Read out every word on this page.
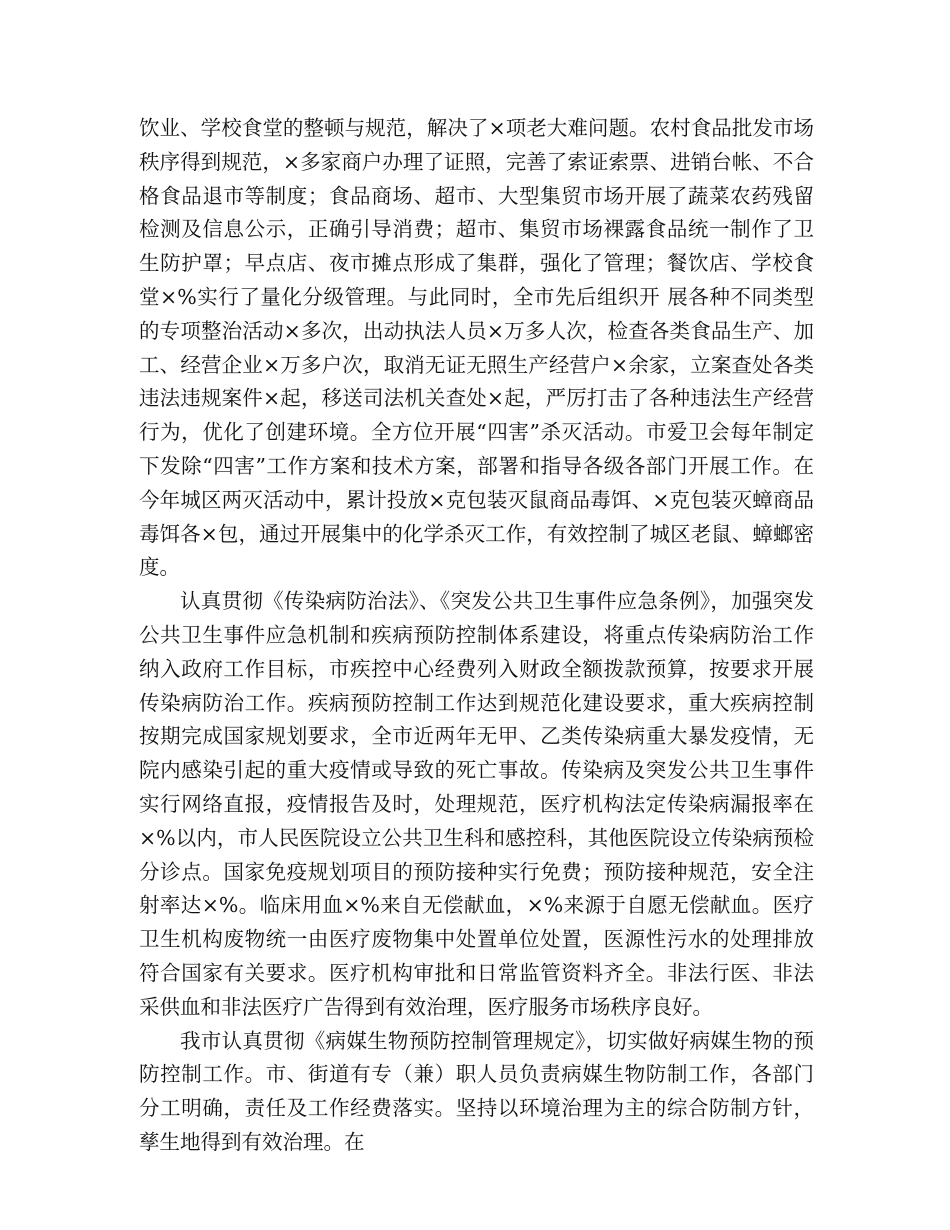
饮业、学校食堂的整顿与规范，解决了×项老大难问题。农村食品批发市场秩序得到规范，×多家商户办理了证照，完善了索证索票、进销台帐、不合格食品退市等制度；食品商场、超市、大型集贸市场开展了蔬菜农药残留检测及信息公示，正确引导消费；超市、集贸市场裸露食品统一制作了卫生防护罩；早点店、夜市摊点形成了集群，强化了管理；餐饮店、学校食堂×%实行了量化分级管理。与此同时，全市先后组织开 展各种不同类型的专项整治活动×多次，出动执法人员×万多人次，检查各类食品生产、加工、经营企业×万多户次，取消无证无照生产经营户×余家，立案查处各类违法违规案件×起，移送司法机关查处×起，严厉打击了各种违法生产经营行为，优化了创建环境。全方位开展“四害”杀灭活动。市爱卫会每年制定下发除“四害”工作方案和技术方案，部署和指导各级各部门开展工作。在今年城区两灭活动中，累计投放×克包装灭鼠商品毒饵、×克包装灭蟑商品毒饵各×包，通过开展集中的化学杀灭工作，有效控制了城区老鼠、蟑螂密度。

认真贯彻《传染病防治法》、《突发公共卫生事件应急条例》，加强突发公共卫生事件应急机制和疾病预防控制体系建设，将重点传染病防治工作纳入政府工作目标，市疾控中心经费列入财政全额拨款预算，按要求开展传染病防治工作。疾病预防控制工作达到规范化建设要求，重大疾病控制按期完成国家规划要求，全市近两年无甲、乙类传染病重大暴发疫情，无院内感染引起的重大疫情或导致的死亡事故。传染病及突发公共卫生事件实行网络直报，疫情报告及时，处理规范，医疗机构法定传染病漏报率在×%以内，市人民医院设立公共卫生科和感控科，其他医院设立传染病预检分诊点。国家免疫规划项目的预防接种实行免费；预防接种规范，安全注射率达×%。临床用血×%来自无偿献血，×%来源于自愿无偿献血。医疗卫生机构废物统一由医疗废物集中处置单位处置，医源性污水的处理排放符合国家有关要求。医疗机构审批和日常监管资料齐全。非法行医、非法采供血和非法医疗广告得到有效治理，医疗服务市场秩序良好。

我市认真贯彻《病媒生物预防控制管理规定》，切实做好病媒生物的预防控制工作。市、街道有专（兼）职人员负责病媒生物防制工作，各部门分工明确，责任及工作经费落实。坚持以环境治理为主的综合防制方针，孳生地得到有效治理。在
